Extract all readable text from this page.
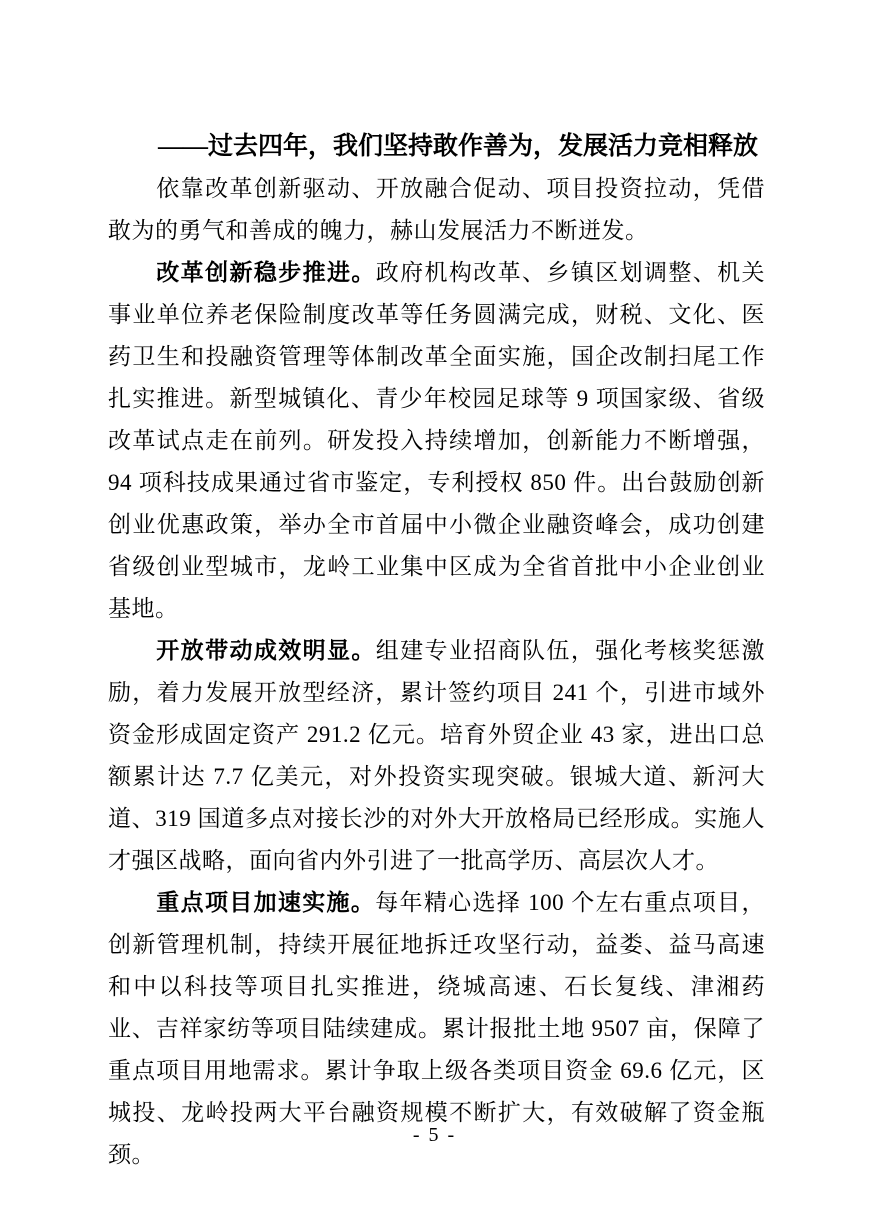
——过去四年，我们坚持敢作善为，发展活力竞相释放

依靠改革创新驱动、开放融合促动、项目投资拉动，凭借敢为的勇气和善成的魄力，赫山发展活力不断迸发。

改革创新稳步推进。政府机构改革、乡镇区划调整、机关事业单位养老保险制度改革等任务圆满完成，财税、文化、医药卫生和投融资管理等体制改革全面实施，国企改制扫尾工作扎实推进。新型城镇化、青少年校园足球等 9 项国家级、省级改革试点走在前列。研发投入持续增加，创新能力不断增强，94 项科技成果通过省市鉴定，专利授权 850 件。出台鼓励创新创业优惠政策，举办全市首届中小微企业融资峰会，成功创建省级创业型城市，龙岭工业集中区成为全省首批中小企业创业基地。

开放带动成效明显。组建专业招商队伍，强化考核奖惩激励，着力发展开放型经济，累计签约项目 241 个，引进市域外资金形成固定资产 291.2 亿元。培育外贸企业 43 家，进出口总额累计达 7.7 亿美元，对外投资实现突破。银城大道、新河大道、319 国道多点对接长沙的对外大开放格局已经形成。实施人才强区战略，面向省内外引进了一批高学历、高层次人才。

重点项目加速实施。每年精心选择 100 个左右重点项目，创新管理机制，持续开展征地拆迁攻坚行动，益娄、益马高速和中以科技等项目扎实推进，绕城高速、石长复线、津湘药业、吉祥家纺等项目陆续建成。累计报批土地 9507 亩，保障了重点项目用地需求。累计争取上级各类项目资金 69.6 亿元，区城投、龙岭投两大平台融资规模不断扩大，有效破解了资金瓶颈。

- 5 -
